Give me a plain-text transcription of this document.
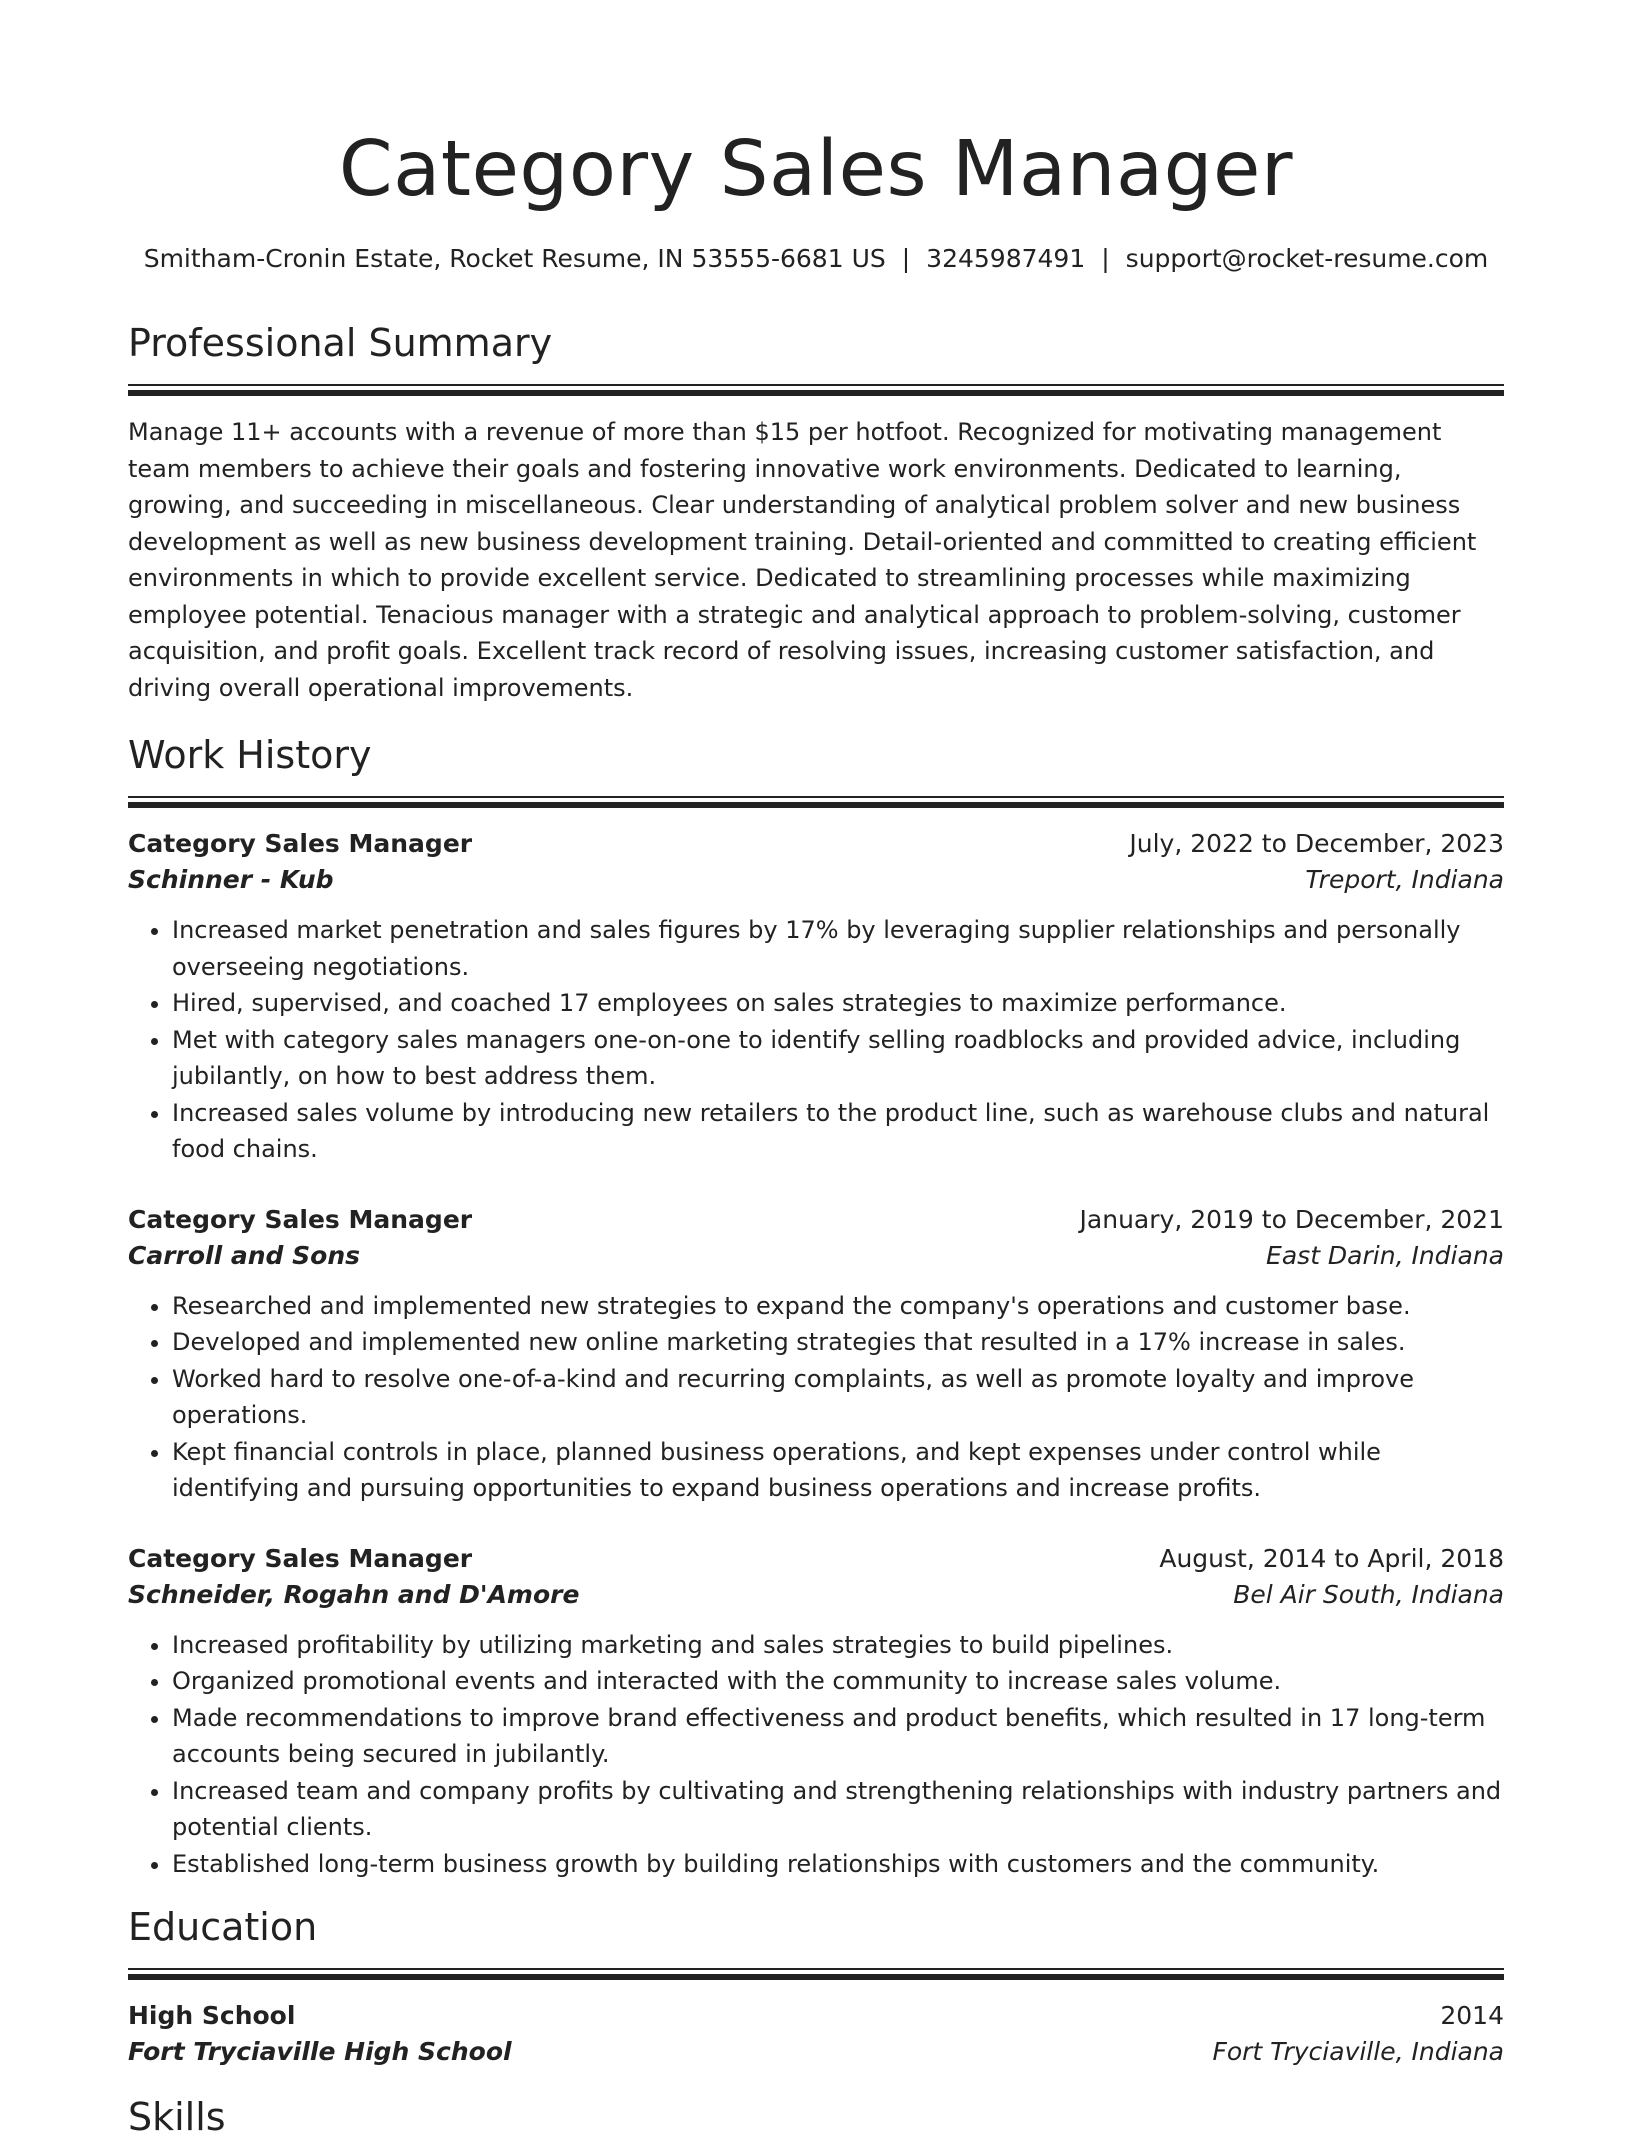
Category Sales Manager
Smitham-Cronin Estate, Rocket Resume, IN 53555-6681 US | 3245987491 | support@rocket-resume.com
Professional Summary
Manage 11+ accounts with a revenue of more than $15 per hotfoot. Recognized for motivating management team members to achieve their goals and fostering innovative work environments. Dedicated to learning, growing, and succeeding in miscellaneous. Clear understanding of analytical problem solver and new business development as well as new business development training. Detail-oriented and committed to creating efficient environments in which to provide excellent service. Dedicated to streamlining processes while maximizing employee potential. Tenacious manager with a strategic and analytical approach to problem-solving, customer acquisition, and profit goals. Excellent track record of resolving issues, increasing customer satisfaction, and driving overall operational improvements.
Work History
Category Sales Manager	July, 2022 to December, 2023
Schinner - Kub	Treport, Indiana
• Increased market penetration and sales figures by 17% by leveraging supplier relationships and personally overseeing negotiations.
• Hired, supervised, and coached 17 employees on sales strategies to maximize performance.
• Met with category sales managers one-on-one to identify selling roadblocks and provided advice, including jubilantly, on how to best address them.
• Increased sales volume by introducing new retailers to the product line, such as warehouse clubs and natural food chains.
Category Sales Manager	January, 2019 to December, 2021
Carroll and Sons	East Darin, Indiana
• Researched and implemented new strategies to expand the company's operations and customer base.
• Developed and implemented new online marketing strategies that resulted in a 17% increase in sales.
• Worked hard to resolve one-of-a-kind and recurring complaints, as well as promote loyalty and improve operations.
• Kept financial controls in place, planned business operations, and kept expenses under control while identifying and pursuing opportunities to expand business operations and increase profits.
Category Sales Manager	August, 2014 to April, 2018
Schneider, Rogahn and D'Amore	Bel Air South, Indiana
• Increased profitability by utilizing marketing and sales strategies to build pipelines.
• Organized promotional events and interacted with the community to increase sales volume.
• Made recommendations to improve brand effectiveness and product benefits, which resulted in 17 long-term accounts being secured in jubilantly.
• Increased team and company profits by cultivating and strengthening relationships with industry partners and potential clients.
• Established long-term business growth by building relationships with customers and the community.
Education
High School	2014
Fort Tryciaville High School	Fort Tryciaville, Indiana
Skills
